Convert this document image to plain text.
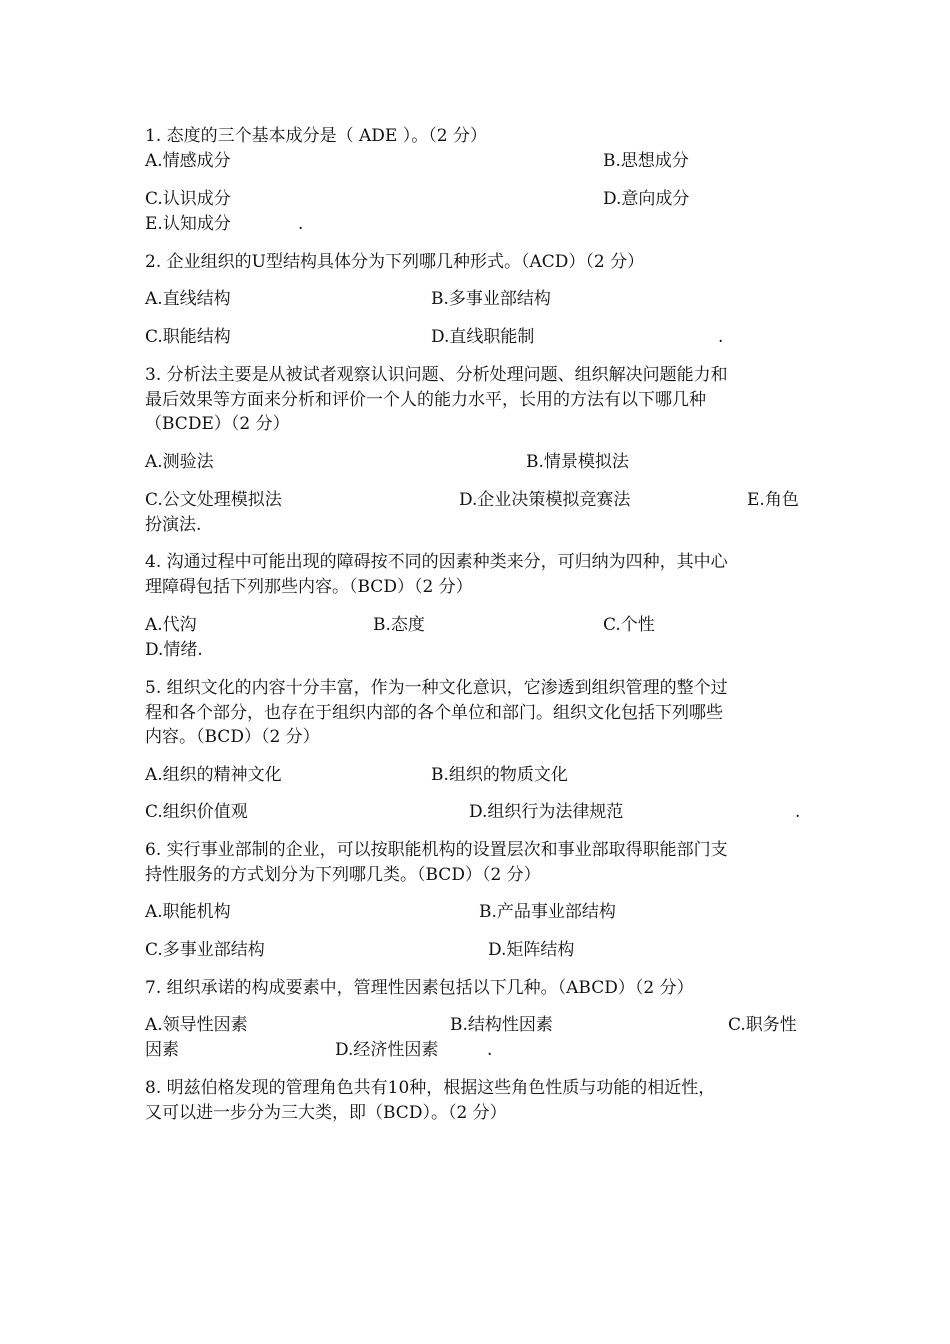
1. 态度的三个基本成分是（ ADE ）。（2 分）

A.情感成分	B.思想成分
C.认识成分	D.意向成分
E.认知成分	.

2. 企业组织的U型结构具体分为下列哪几种形式。（ACD）（2 分）

A.直线结构	B.多事业部结构
C.职能结构	D.直线职能制	.

3. 分析法主要是从被试者观察认识问题、分析处理问题、组织解决问题能力和

最后效果等方面来分析和评价一个人的能力水平，长用的方法有以下哪几种

（BCDE）（2 分）

A.测验法	B.情景模拟法
C.公文处理模拟法	D.企业决策模拟竞赛法	E.角色
扮演法.

4. 沟通过程中可能出现的障碍按不同的因素种类来分，可归纳为四种，其中心

理障碍包括下列那些内容。（BCD）（2 分）

A.代沟	B.态度	C.个性
D.情绪.

5. 组织文化的内容十分丰富，作为一种文化意识，它渗透到组织管理的整个过

程和各个部分，也存在于组织内部的各个单位和部门。组织文化包括下列哪些

内容。（BCD）（2 分）

A.组织的精神文化	B.组织的物质文化
C.组织价值观	D.组织行为法律规范	.

6. 实行事业部制的企业，可以按职能机构的设置层次和事业部取得职能部门支

持性服务的方式划分为下列哪几类。（BCD）（2 分）

A.职能机构	B.产品事业部结构
C.多事业部结构	D.矩阵结构

7. 组织承诺的构成要素中，管理性因素包括以下几种。（ABCD）（2 分）

A.领导性因素	B.结构性因素	C.职务性
因素	D.经济性因素	.

8. 明兹伯格发现的管理角色共有10种，根据这些角色性质与功能的相近性，

又可以进一步分为三大类，即（BCD）。（2 分）
